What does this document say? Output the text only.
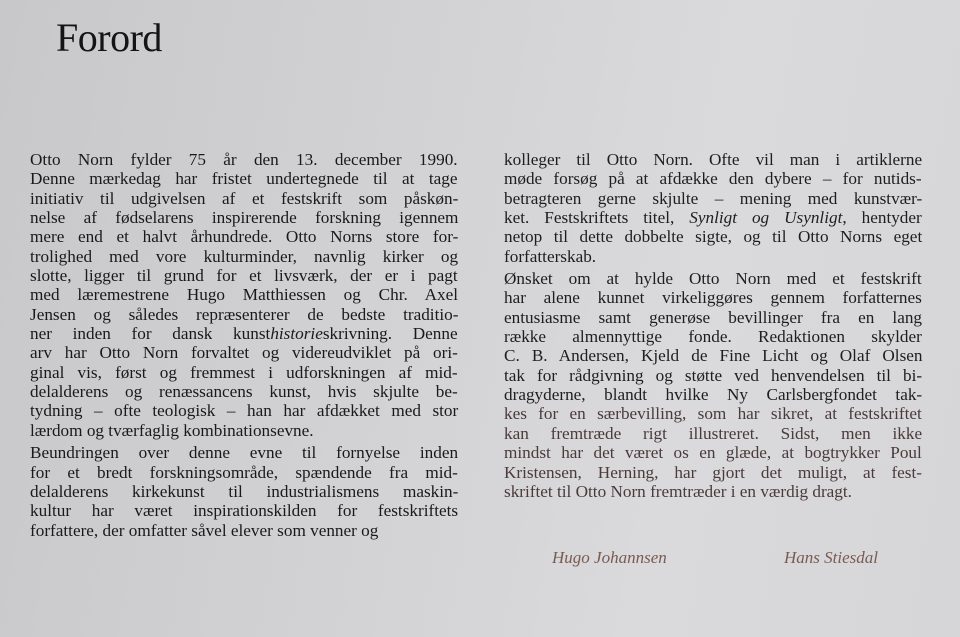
Forord
Otto Norn fylder 75 år den 13. december 1990.
Denne mærkedag har fristet undertegnede til at tage
initiativ til udgivelsen af et festskrift som påskøn-
nelse af fødselarens inspirerende forskning igennem
mere end et halvt århundrede. Otto Norns store for-
trolighed med vore kulturminder, navnlig kirker og
slotte, ligger til grund for et livsværk, der er i pagt
med læremestrene Hugo Matthiessen og Chr. Axel
Jensen og således repræsenterer de bedste traditio-
ner inden for dansk kunsthistorieskrivning. Denne
arv har Otto Norn forvaltet og videreudviklet på ori-
ginal vis, først og fremmest i udforskningen af mid-
delalderens og renæssancens kunst, hvis skjulte be-
tydning – ofte teologisk – han har afdækket med stor
lærdom og tværfaglig kombinationsevne.
Beundringen over denne evne til fornyelse inden
for et bredt forskningsområde, spændende fra mid-
delalderens kirkekunst til industrialismens maskin-
kultur har været inspirationskilden for festskriftets
forfattere, der omfatter såvel elever som venner og
kolleger til Otto Norn. Ofte vil man i artiklerne
møde forsøg på at afdække den dybere – for nutids-
betragteren gerne skjulte – mening med kunstvær-
ket. Festskriftets titel, Synligt og Usynligt, hentyder
netop til dette dobbelte sigte, og til Otto Norns eget
forfatterskab.
Ønsket om at hylde Otto Norn med et festskrift
har alene kunnet virkeliggøres gennem forfatternes
entusiasme samt generøse bevillinger fra en lang
række almennyttige fonde. Redaktionen skylder
C. B. Andersen, Kjeld de Fine Licht og Olaf Olsen
tak for rådgivning og støtte ved henvendelsen til bi-
dragyderne, blandt hvilke Ny Carlsbergfondet tak-
kes for en særbevilling, som har sikret, at festskriftet
kan fremtræde rigt illustreret. Sidst, men ikke
mindst har det været os en glæde, at bogtrykker Poul
Kristensen, Herning, har gjort det muligt, at fest-
skriftet til Otto Norn fremtræder i en værdig dragt.
Hugo Johannsen	Hans Stiesdal
